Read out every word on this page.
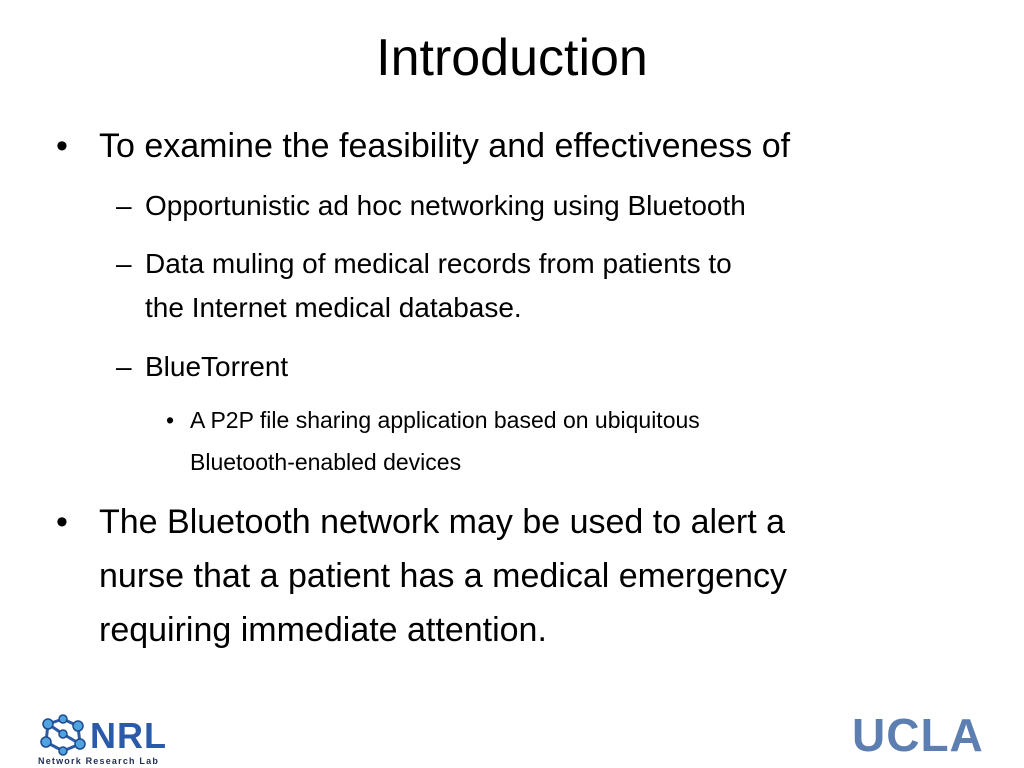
Introduction
• To examine the feasibility and effectiveness of
– Opportunistic ad hoc networking using Bluetooth
– Data muling of medical records from patients to
the Internet medical database.
– BlueTorrent
• A P2P file sharing application based on ubiquitous
Bluetooth-enabled devices
• The Bluetooth network may be used to alert a
nurse that a patient has a medical emergency
requiring immediate attention.
NRL
Network Research Lab	UCLA
